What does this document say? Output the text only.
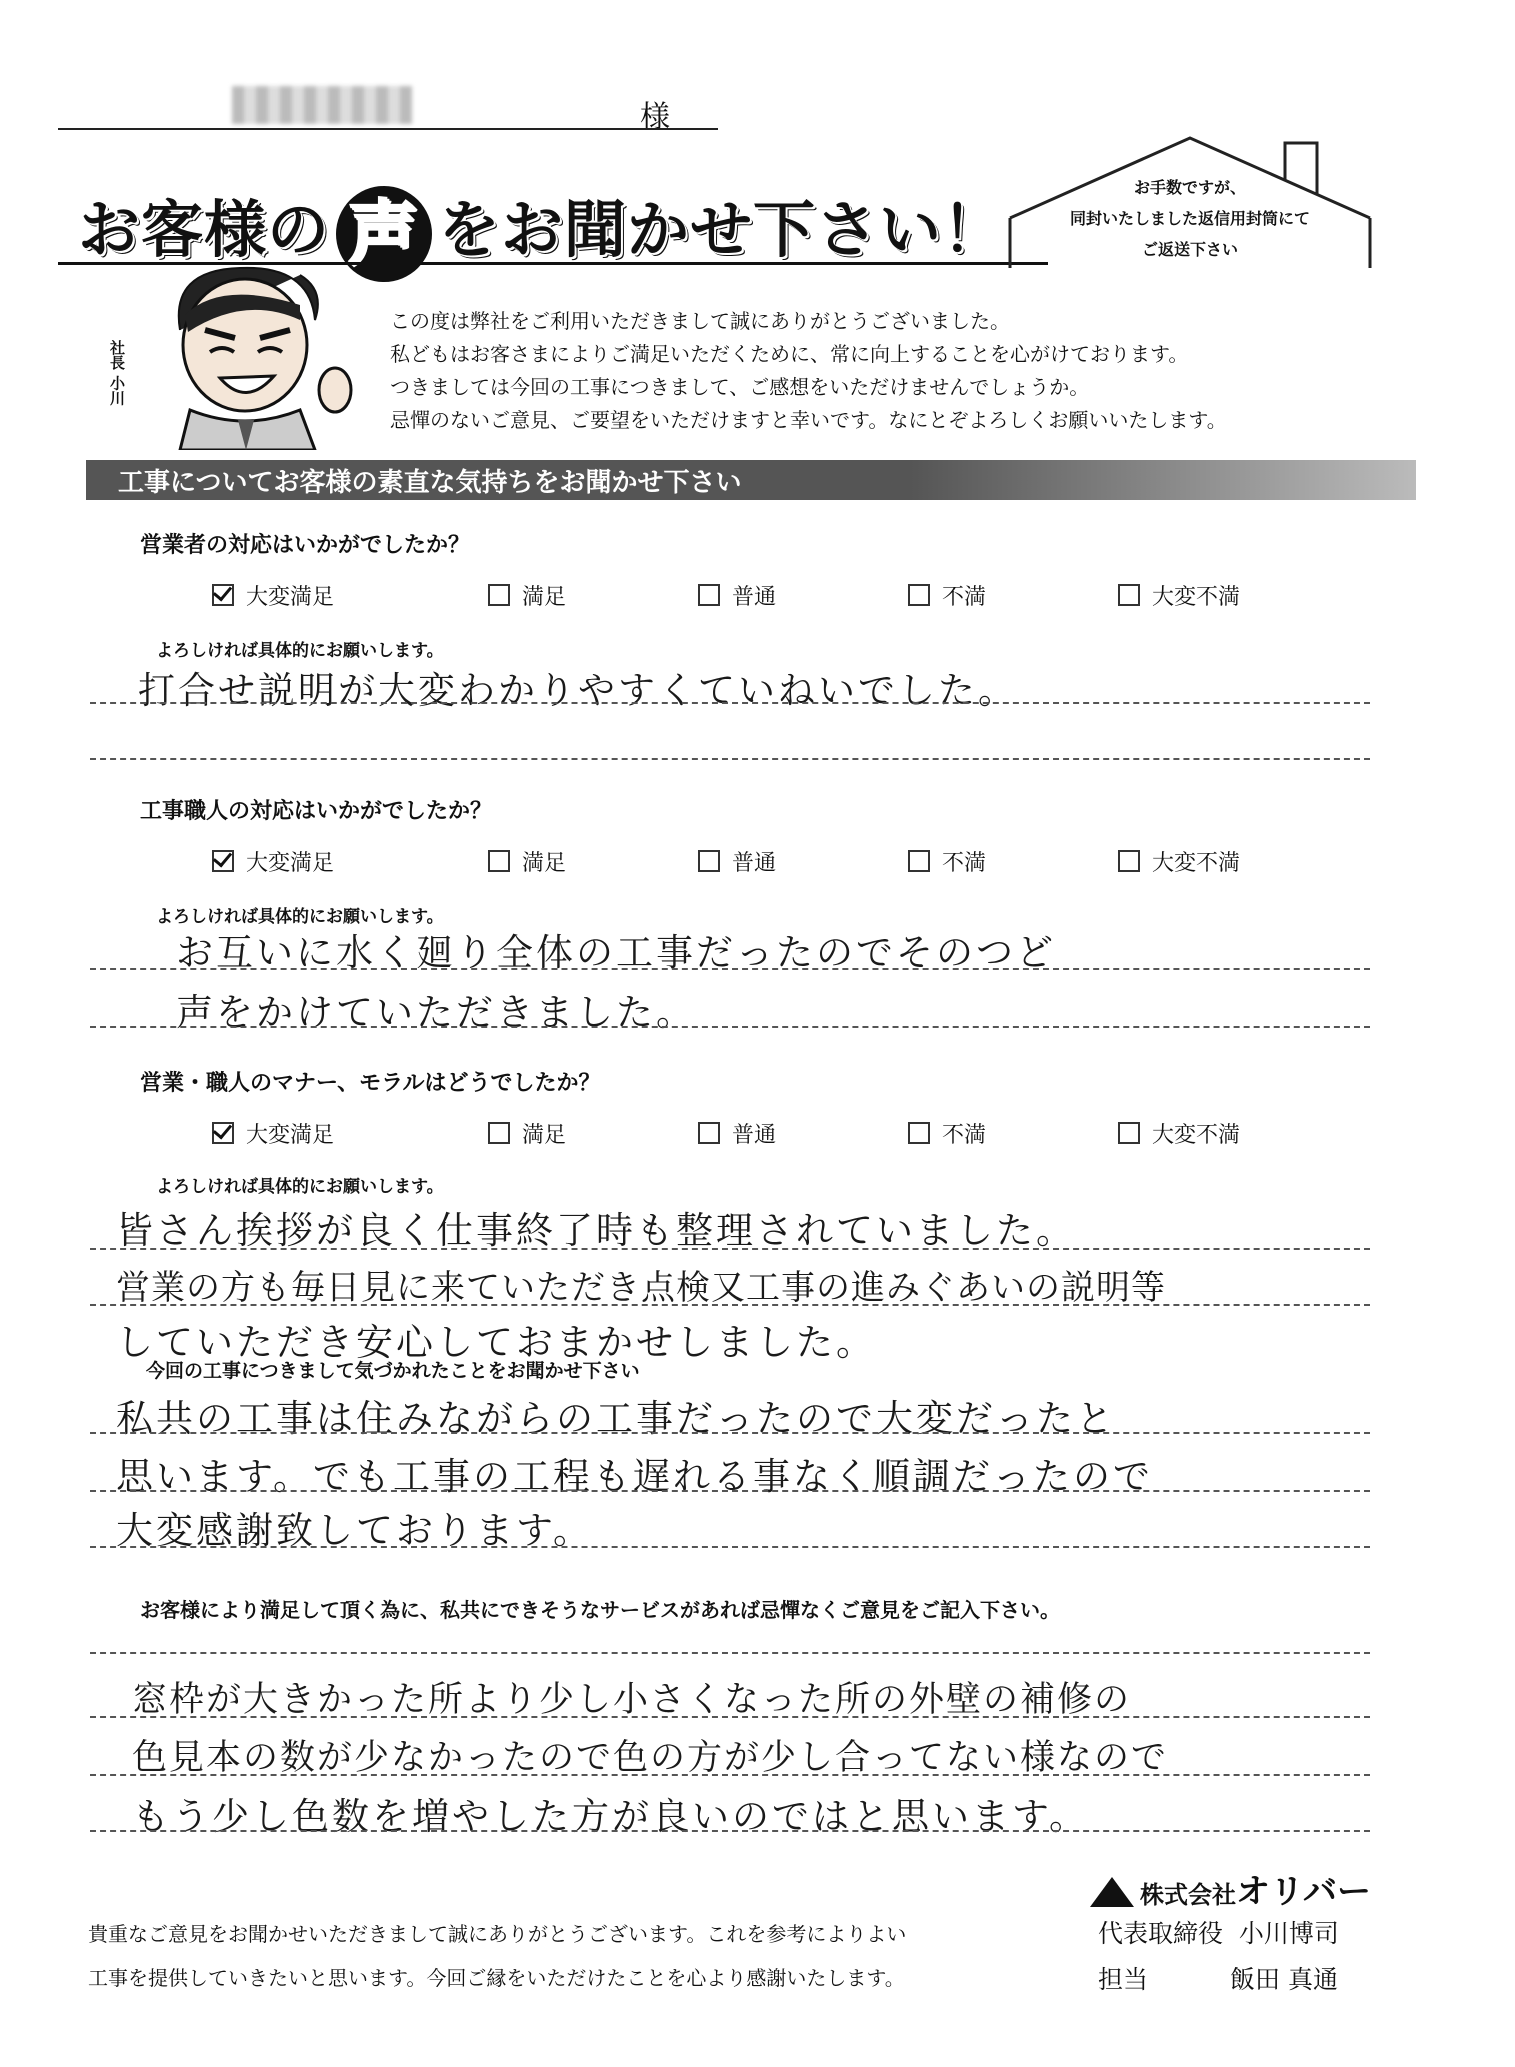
様
お客様の 声 をお聞かせ下さい！
お手数ですが、
同封いたしました返信用封筒にて
ご返送下さい
社長 小川
この度は弊社をご利用いただきまして誠にありがとうございました。
私どもはお客さまによりご満足いただくために、常に向上することを心がけております。
つきましては今回の工事につきまして、ご感想をいただけませんでしょうか。
忌憚のないご意見、ご要望をいただけますと幸いです。なにとぞよろしくお願いいたします。
工事についてお客様の素直な気持ちをお聞かせ下さい
営業者の対応はいかがでしたか？
大変満足	満足	普通	不満	大変不満
よろしければ具体的にお願いします。
打合せ説明が大変わかりやすくていねいでした。
工事職人の対応はいかがでしたか？
大変満足	満足	普通	不満	大変不満
よろしければ具体的にお願いします。
お互いに水く廻り全体の工事だったのでそのつど
声をかけていただきました。
営業・職人のマナー、モラルはどうでしたか？
大変満足	満足	普通	不満	大変不満
よろしければ具体的にお願いします。
皆さん挨拶が良く仕事終了時も整理されていました。
営業の方も毎日見に来ていただき点検又工事の進みぐあいの説明等
していただき安心しておまかせしました。
今回の工事につきまして気づかれたことをお聞かせ下さい
私共の工事は住みながらの工事だったので大変だったと
思います。でも工事の工程も遅れる事なく順調だったので
大変感謝致しております。
お客様により満足して頂く為に、私共にできそうなサービスがあれば忌憚なくご意見をご記入下さい。
窓枠が大きかった所より少し小さくなった所の外壁の補修の
色見本の数が少なかったので色の方が少し合ってない様なので
もう少し色数を増やした方が良いのではと思います。
貴重なご意見をお聞かせいただきまして誠にありがとうございます。これを参考によりよい
工事を提供していきたいと思います。今回ご縁をいただけたことを心より感謝いたします。
株式会社オリバー
代表取締役 小川博司
担当	飯田 真通
